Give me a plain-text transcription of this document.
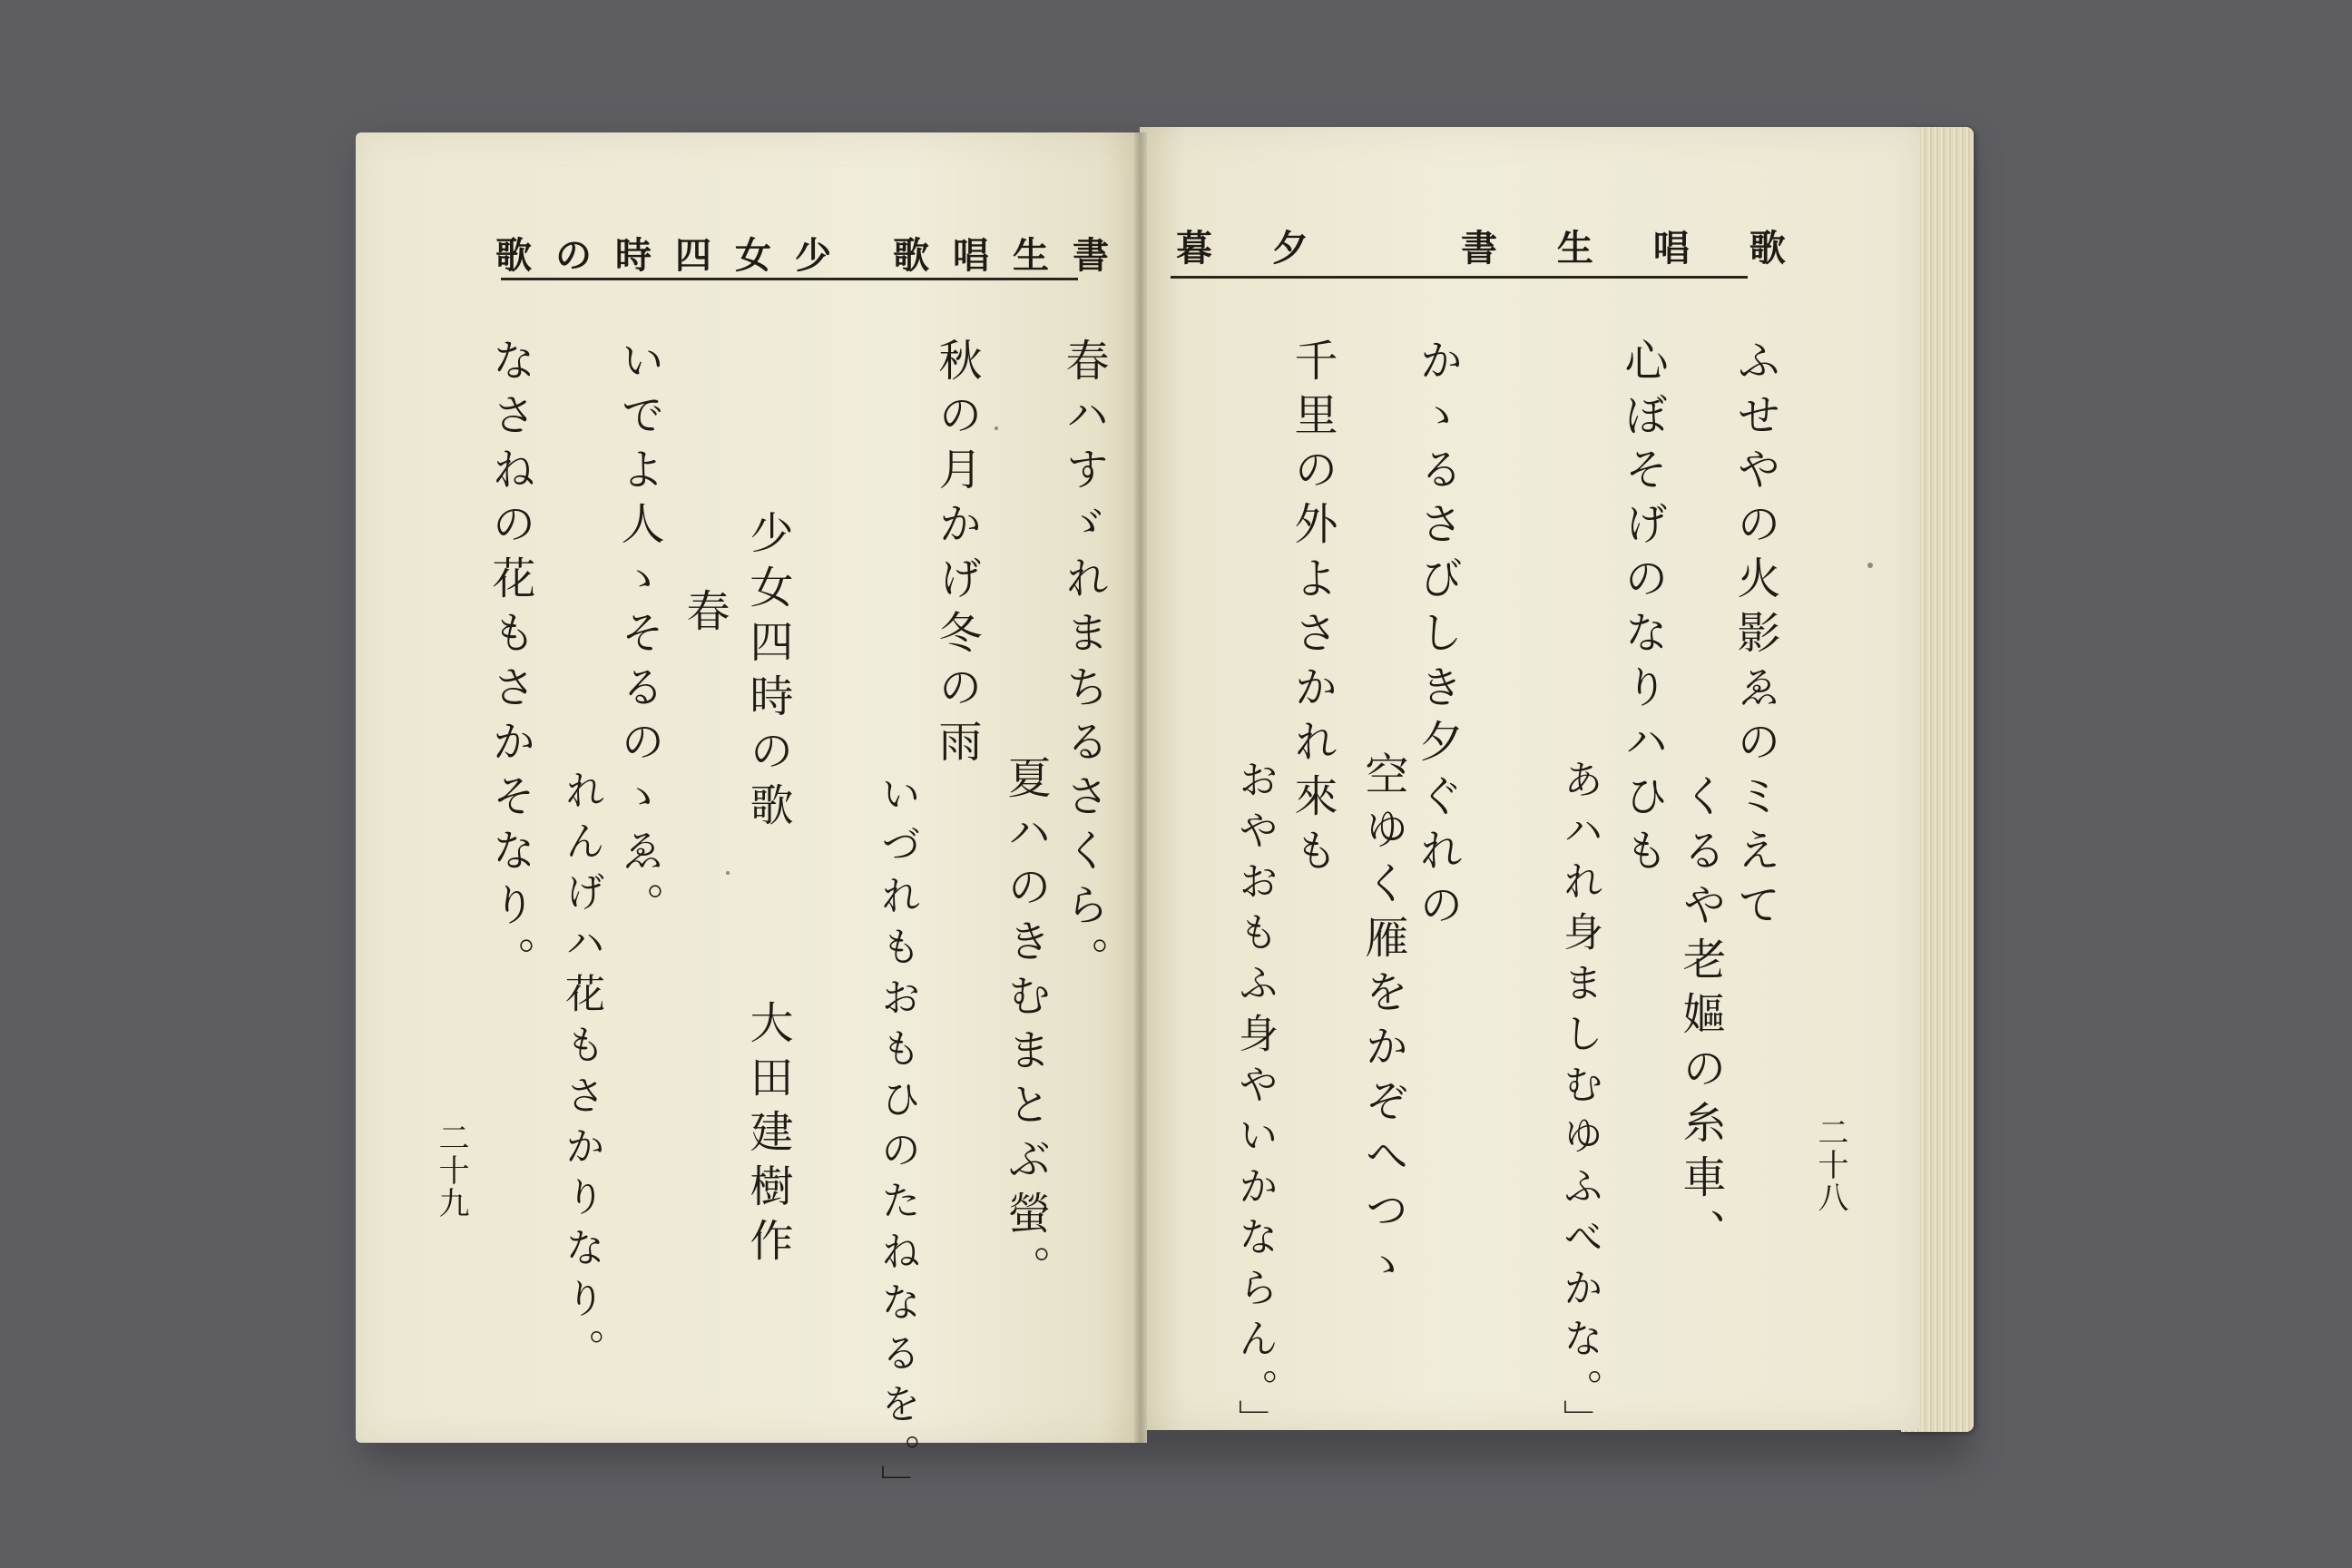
暮 夕	書 生 唱 歌
ふせやの火影ゑのミえて
くるや老嫗の糸車、
心ぼそげのなりハひも
あハれ身ましむゆふべかな。」
かゝるさびしき夕ぐれの
空ゆく雁をかぞへつゝ
千里の外よさかれ來も
おやおもふ身やいかならん。」	二十八
歌の時四女少 歌唱生書
春ハすゞれまちるさくら。
夏ハのきむまとぶ螢。
秋の月かげ冬の雨
いづれもおもひのたねなるを。」
少女四時の歌
大田建樹作
春
いでよ人ゝそるのゝゑ。
れんげハ花もさかりなり。
なさねの花もさかそなり。
二十九
